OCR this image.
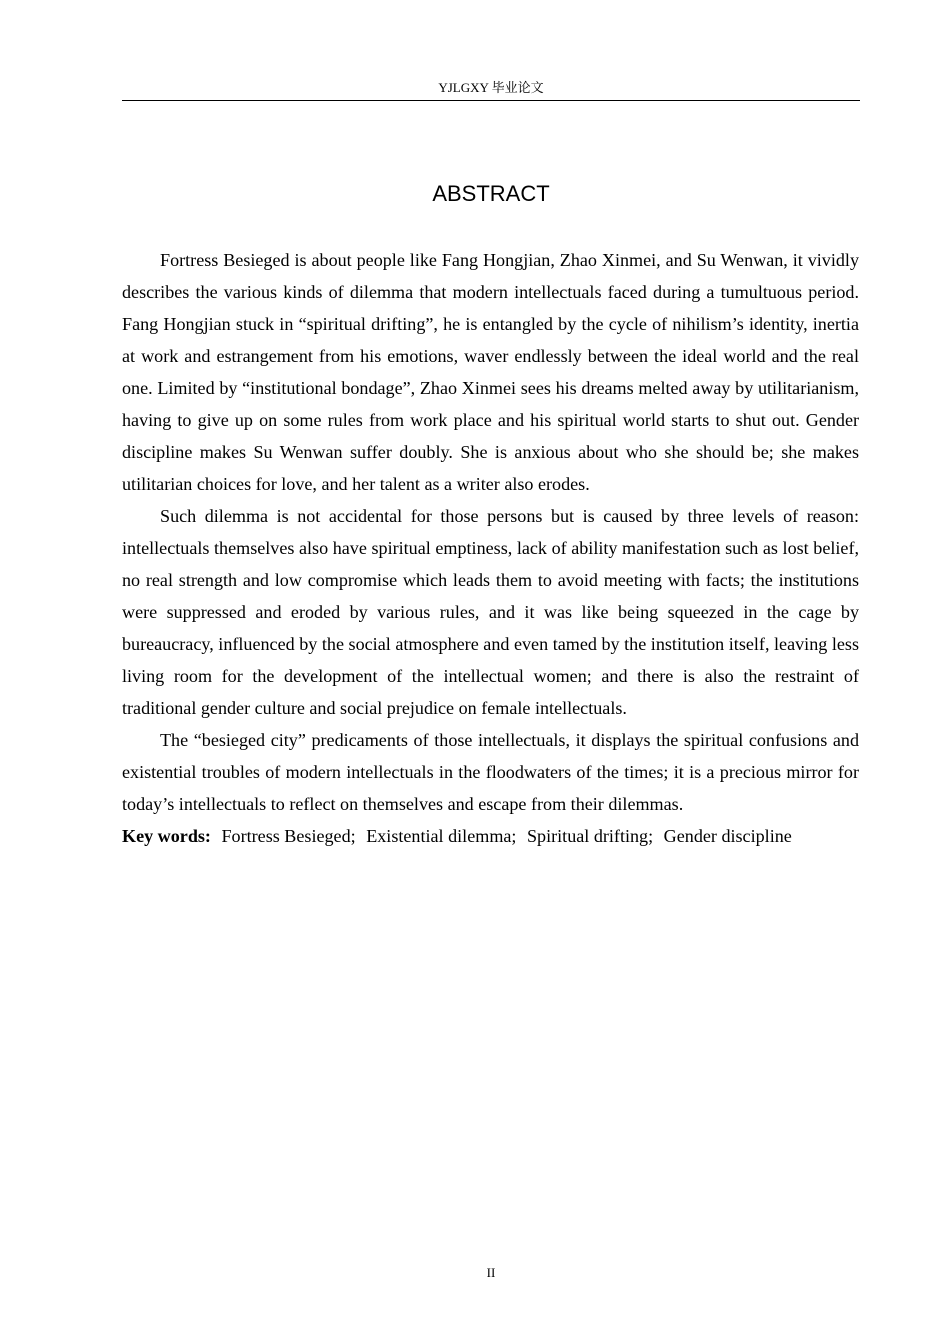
YJLGXY 毕业论文
ABSTRACT

Fortress Besieged is about people like Fang Hongjian, Zhao Xinmei, and Su Wenwan, it vividly describes the various kinds of dilemma that modern intellectuals faced during a tumultuous period. Fang Hongjian stuck in “spiritual drifting”, he is entangled by the cycle of nihilism’s identity, inertia at work and estrangement from his emotions, waver endlessly between the ideal world and the real one. Limited by “institutional bondage”, Zhao Xinmei sees his dreams melted away by utilitarianism, having to give up on some rules from work place and his spiritual world starts to shut out. Gender discipline makes Su Wenwan suffer doubly. She is anxious about who she should be; she makes utilitarian choices for love, and her talent as a writer also erodes.

Such dilemma is not accidental for those persons but is caused by three levels of reason: intellectuals themselves also have spiritual emptiness, lack of ability manifestation such as lost belief, no real strength and low compromise which leads them to avoid meeting with facts; the institutions were suppressed and eroded by various rules, and it was like being squeezed in the cage by bureaucracy, influenced by the social atmosphere and even tamed by the institution itself, leaving less living room for the development of the intellectual women; and there is also the restraint of traditional gender culture and social prejudice on female intellectuals.

The “besieged city” predicaments of those intellectuals, it displays the spiritual confusions and existential troubles of modern intellectuals in the floodwaters of the times; it is a precious mirror for today’s intellectuals to reflect on themselves and escape from their dilemmas.

Key words: Fortress Besieged; Existential dilemma; Spiritual drifting; Gender discipline

II
